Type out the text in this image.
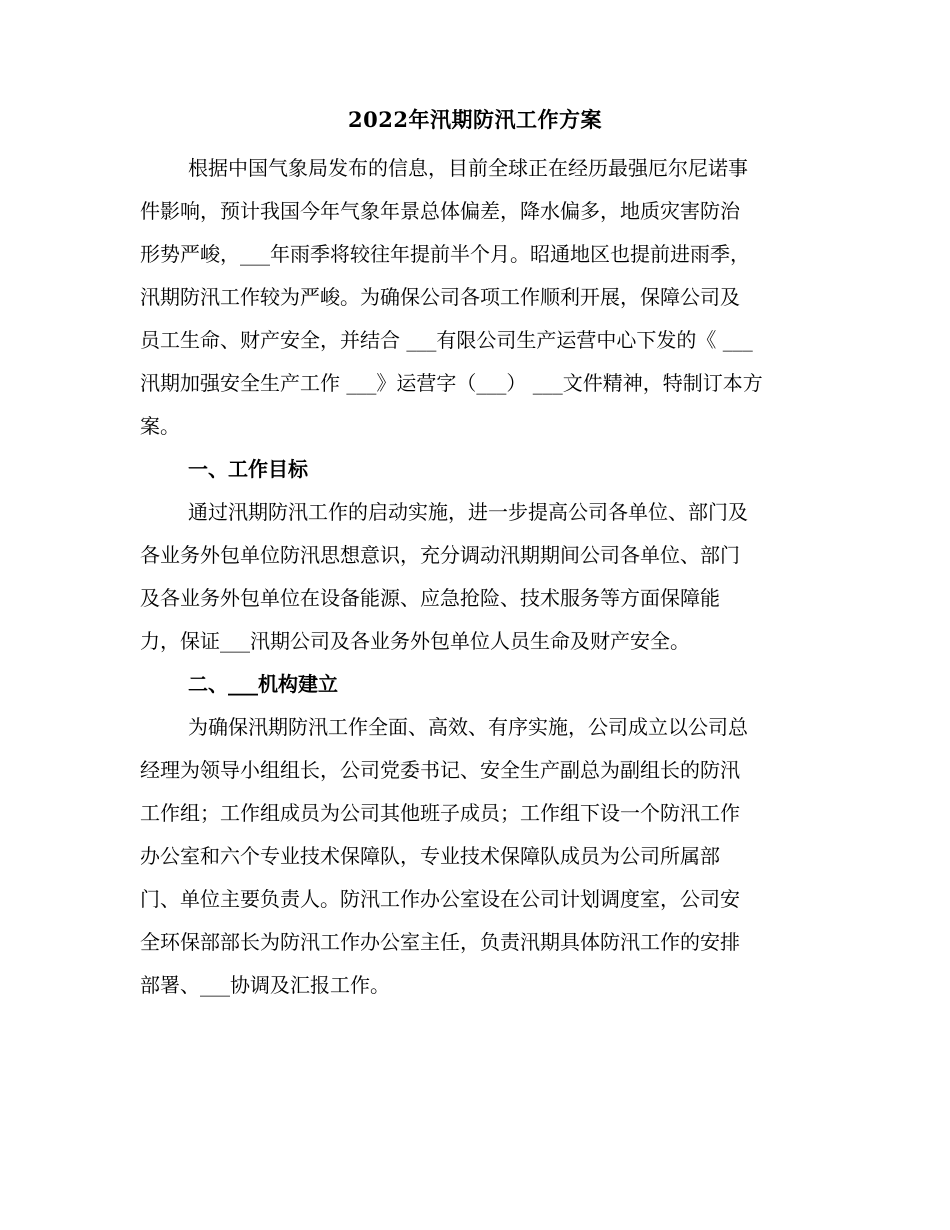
2022年汛期防汛工作方案
根据中国气象局发布的信息，目前全球正在经历最强厄尔尼诺事
件影响，预计我国今年气象年景总体偏差，降水偏多，地质灾害防治
形势严峻，___年雨季将较往年提前半个月。昭通地区也提前进雨季，
汛期防汛工作较为严峻。为确保公司各项工作顺利开展，保障公司及
员工生命、财产安全，并结合 ___有限公司生产运营中心下发的《 ___
汛期加强安全生产工作 ___》运营字（___） ___文件精神，特制订本方
案。
一、工作目标
通过汛期防汛工作的启动实施，进一步提高公司各单位、部门及
各业务外包单位防汛思想意识，充分调动汛期期间公司各单位、部门
及各业务外包单位在设备能源、应急抢险、技术服务等方面保障能
力，保证___汛期公司及各业务外包单位人员生命及财产安全。
二、___机构建立
为确保汛期防汛工作全面、高效、有序实施，公司成立以公司总
经理为领导小组组长，公司党委书记、安全生产副总为副组长的防汛
工作组；工作组成员为公司其他班子成员；工作组下设一个防汛工作
办公室和六个专业技术保障队，专业技术保障队成员为公司所属部
门、单位主要负责人。防汛工作办公室设在公司计划调度室，公司安
全环保部部长为防汛工作办公室主任，负责汛期具体防汛工作的安排
部署、___协调及汇报工作。
